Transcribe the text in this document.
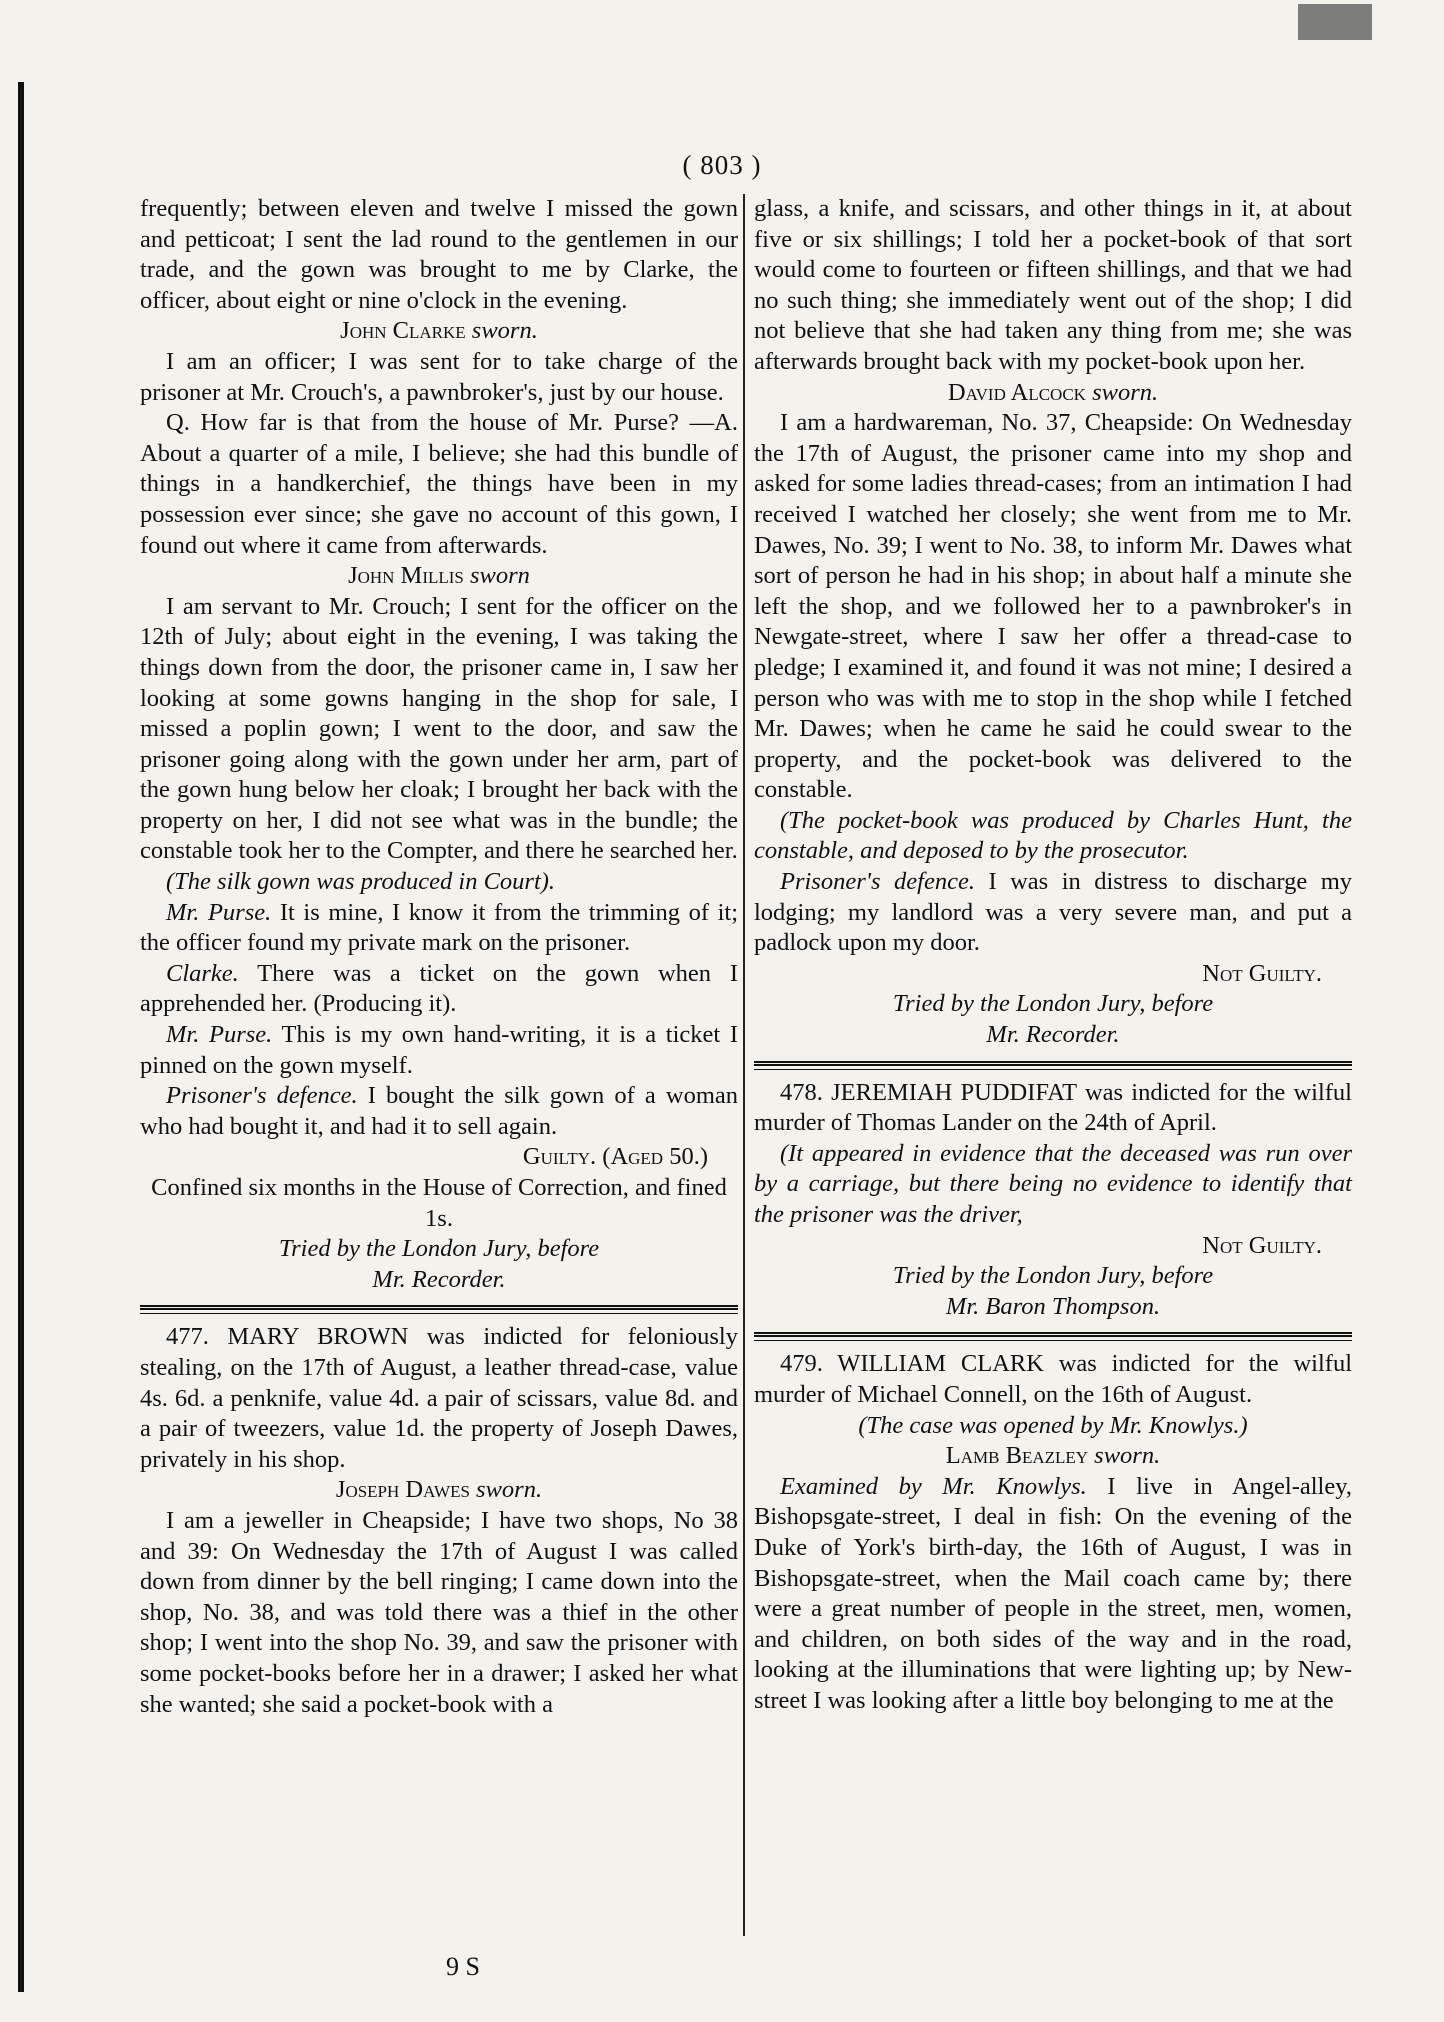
( 803 )

frequently; between eleven and twelve I missed the gown and petticoat; I sent the lad round to the gentlemen in our trade, and the gown was brought to me by Clarke, the officer, about eight or nine o'clock in the evening.

John Clarke sworn.

I am an officer; I was sent for to take charge of the prisoner at Mr. Crouch's, a pawnbroker's, just by our house.

Q. How far is that from the house of Mr. Purse? —A. About a quarter of a mile, I believe; she had this bundle of things in a handkerchief, the things have been in my possession ever since; she gave no account of this gown, I found out where it came from afterwards.

John Millis sworn

I am servant to Mr. Crouch; I sent for the officer on the 12th of July; about eight in the evening, I was taking the things down from the door, the prisoner came in, I saw her looking at some gowns hanging in the shop for sale, I missed a poplin gown; I went to the door, and saw the prisoner going along with the gown under her arm, part of the gown hung below her cloak; I brought her back with the property on her, I did not see what was in the bundle; the constable took her to the Compter, and there he searched her.

(The silk gown was produced in Court).

Mr. Purse. It is mine, I know it from the trimming of it; the officer found my private mark on the prisoner.

Clarke. There was a ticket on the gown when I apprehended her. (Producing it).

Mr. Purse. This is my own hand-writing, it is a ticket I pinned on the gown myself.

Prisoner's defence. I bought the silk gown of a woman who had bought it, and had it to sell again.

Guilty. (Aged 50.)

Confined six months in the House of Correction, and fined 1s.

Tried by the London Jury, before
Mr. Recorder.

477. MARY BROWN was indicted for feloniously stealing, on the 17th of August, a leather thread-case, value 4s. 6d. a penknife, value 4d. a pair of scissars, value 8d. and a pair of tweezers, value 1d. the property of Joseph Dawes, privately in his shop.

Joseph Dawes sworn.

I am a jeweller in Cheapside; I have two shops, No 38 and 39: On Wednesday the 17th of August I was called down from dinner by the bell ringing; I came down into the shop, No. 38, and was told there was a thief in the other shop; I went into the shop No. 39, and saw the prisoner with some pocket-books before her in a drawer; I asked her what she wanted; she said a pocket-book with a

glass, a knife, and scissars, and other things in it, at about five or six shillings; I told her a pocket-book of that sort would come to fourteen or fifteen shillings, and that we had no such thing; she immediately went out of the shop; I did not believe that she had taken any thing from me; she was afterwards brought back with my pocket-book upon her.

David Alcock sworn.

I am a hardwareman, No. 37, Cheapside: On Wednesday the 17th of August, the prisoner came into my shop and asked for some ladies thread-cases; from an intimation I had received I watched her closely; she went from me to Mr. Dawes, No. 39; I went to No. 38, to inform Mr. Dawes what sort of person he had in his shop; in about half a minute she left the shop, and we followed her to a pawnbroker's in Newgate-street, where I saw her offer a thread-case to pledge; I examined it, and found it was not mine; I desired a person who was with me to stop in the shop while I fetched Mr. Dawes; when he came he said he could swear to the property, and the pocket-book was delivered to the constable.

(The pocket-book was produced by Charles Hunt, the constable, and deposed to by the prosecutor.

Prisoner's defence. I was in distress to discharge my lodging; my landlord was a very severe man, and put a padlock upon my door.

Not Guilty.

Tried by the London Jury, before
Mr. Recorder.

478. JEREMIAH PUDDIFAT was indicted for the wilful murder of Thomas Lander on the 24th of April.

(It appeared in evidence that the deceased was run over by a carriage, but there being no evidence to identify that the prisoner was the driver,

Not Guilty.

Tried by the London Jury, before
Mr. Baron Thompson.

479. WILLIAM CLARK was indicted for the wilful murder of Michael Connell, on the 16th of August.

(The case was opened by Mr. Knowlys.)

Lamb Beazley sworn.

Examined by Mr. Knowlys. I live in Angel-alley, Bishopsgate-street, I deal in fish: On the evening of the Duke of York's birth-day, the 16th of August, I was in Bishopsgate-street, when the Mail coach came by; there were a great number of people in the street, men, women, and children, on both sides of the way and in the road, looking at the illuminations that were lighting up; by New-street I was looking after a little boy belonging to me at the

9 S
